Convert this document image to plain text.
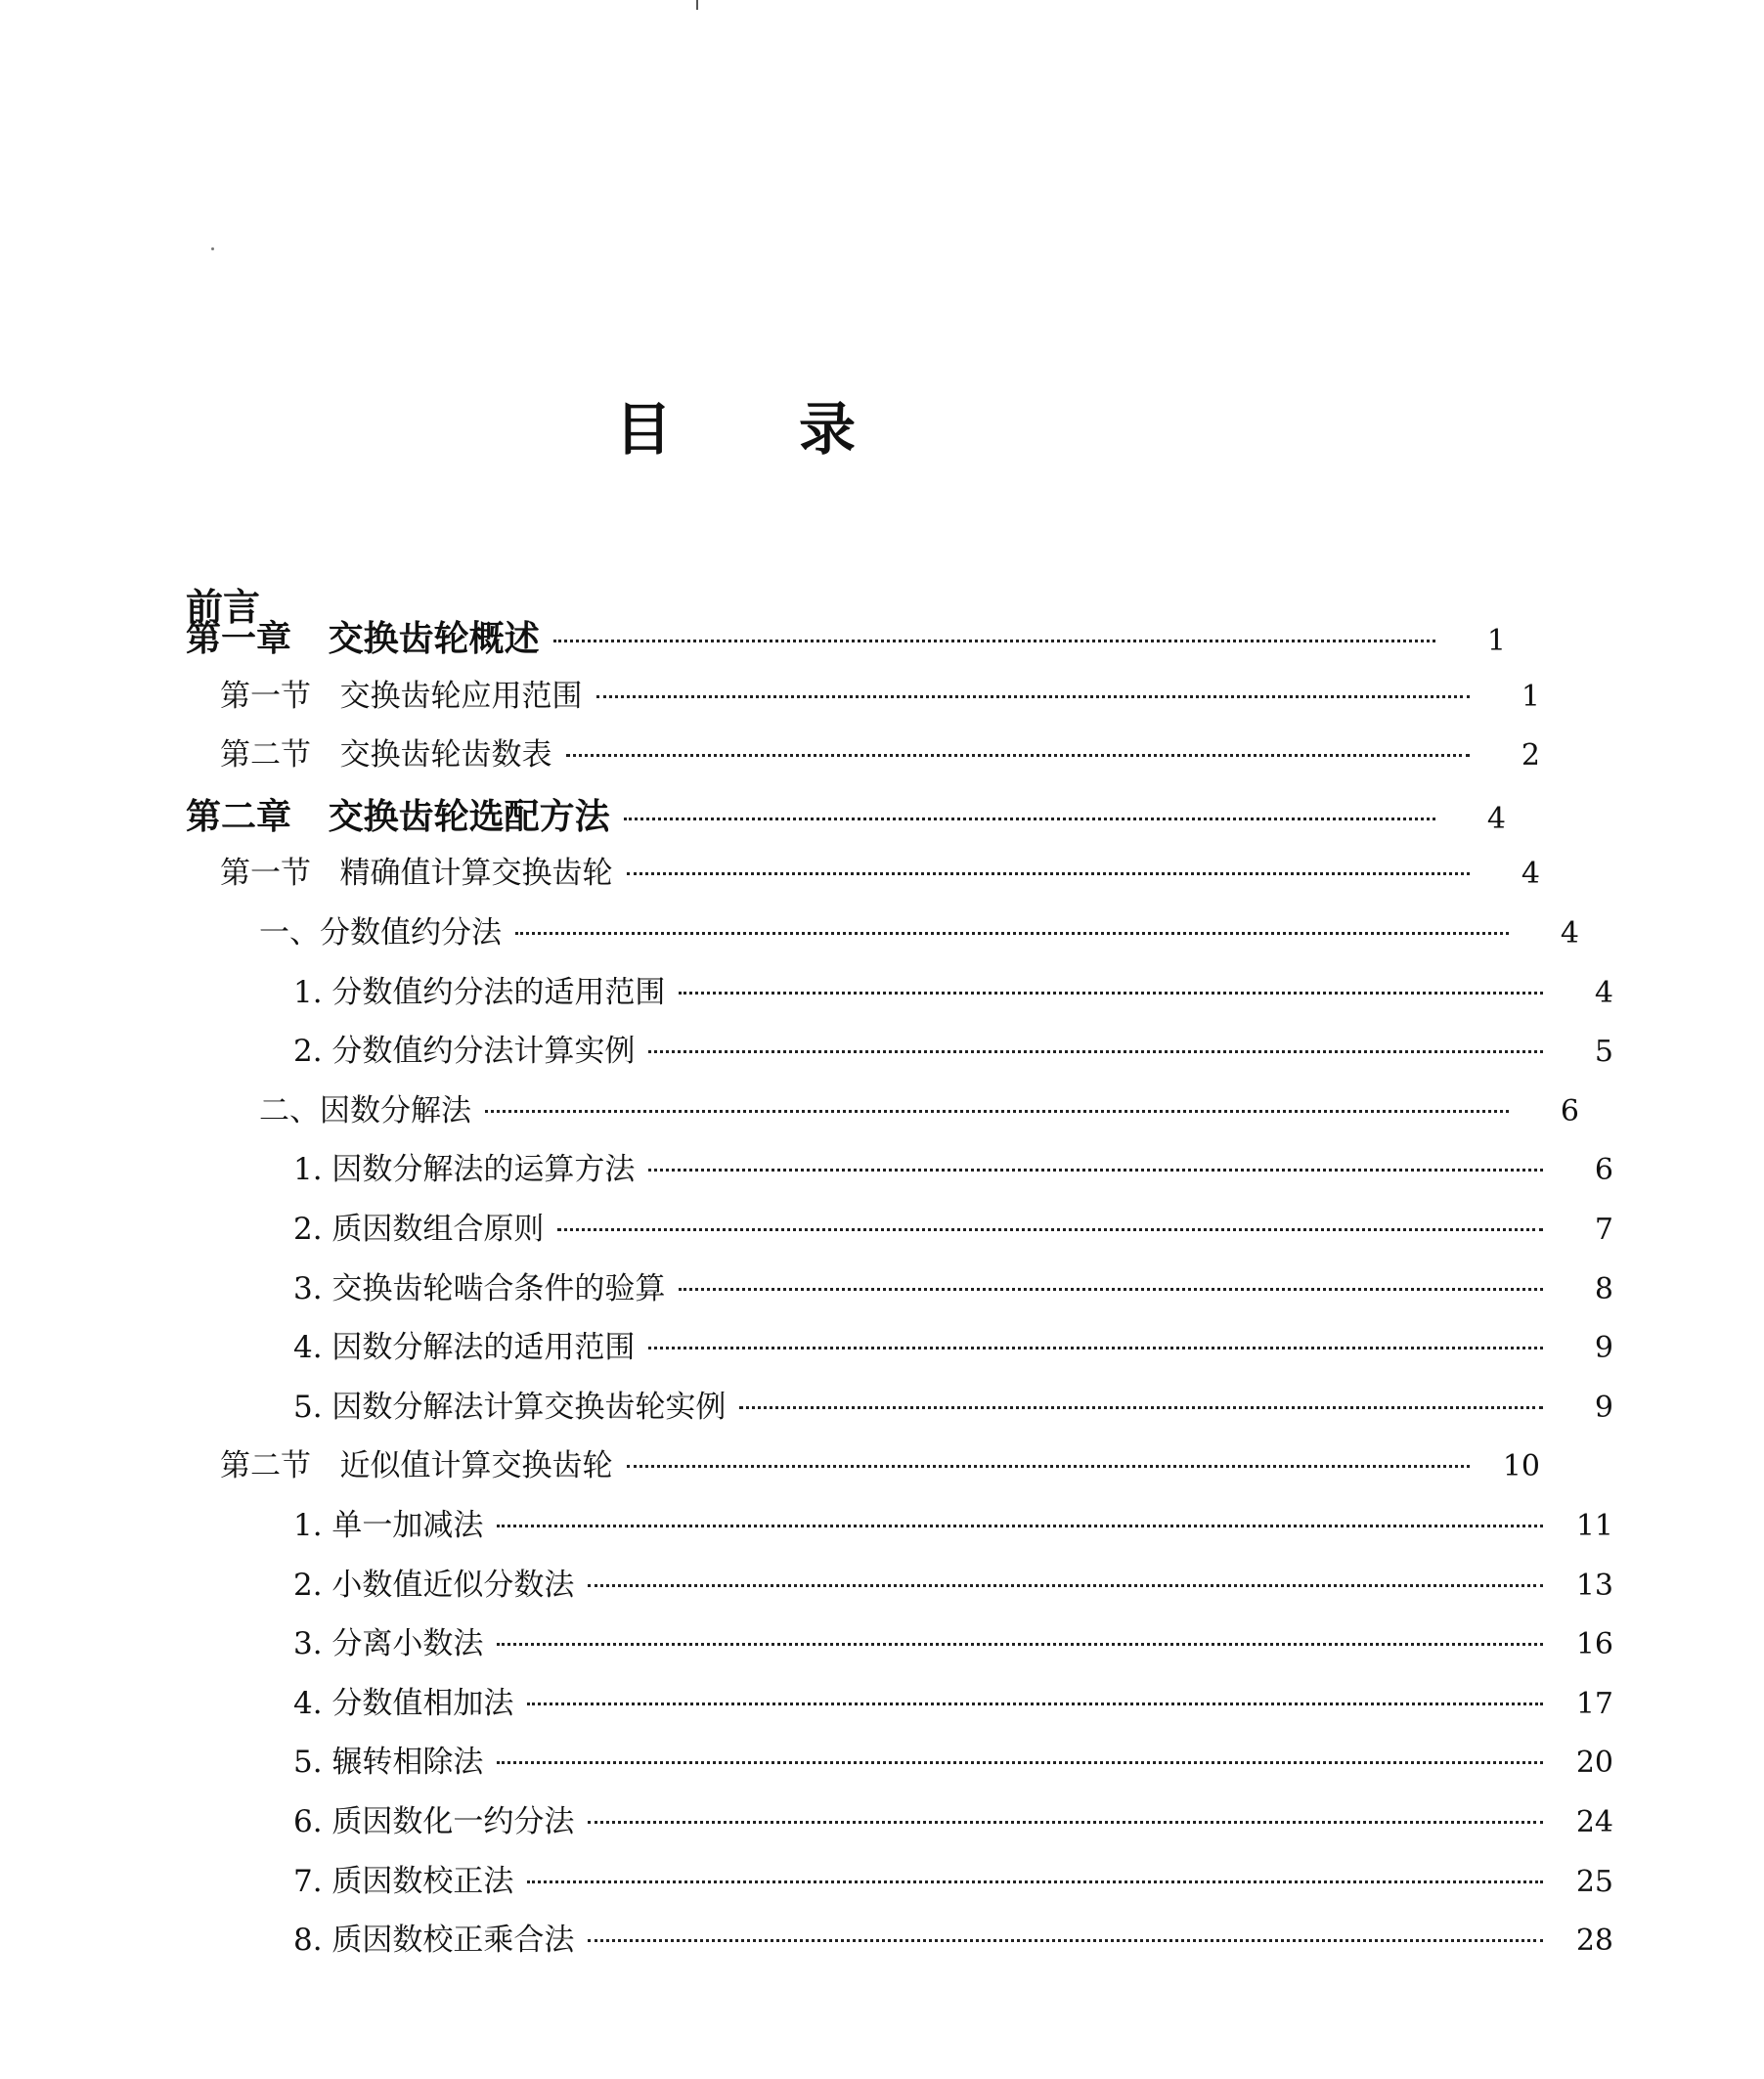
目 录
前言
第一章   交换齿轮概述	1
第一节   交换齿轮应用范围	1
第二节   交换齿轮齿数表	2
第二章   交换齿轮选配方法	4
第一节   精确值计算交换齿轮	4
一、分数值约分法	4
1. 分数值约分法的适用范围	4
2. 分数值约分法计算实例	5
二、因数分解法	6
1. 因数分解法的运算方法	6
2. 质因数组合原则	7
3. 交换齿轮啮合条件的验算	8
4. 因数分解法的适用范围	9
5. 因数分解法计算交换齿轮实例	9
第二节   近似值计算交换齿轮	10
1. 单一加减法	11
2. 小数值近似分数法	13
3. 分离小数法	16
4. 分数值相加法	17
5. 辗转相除法	20
6. 质因数化一约分法	24
7. 质因数校正法	25
8. 质因数校正乘合法	28
